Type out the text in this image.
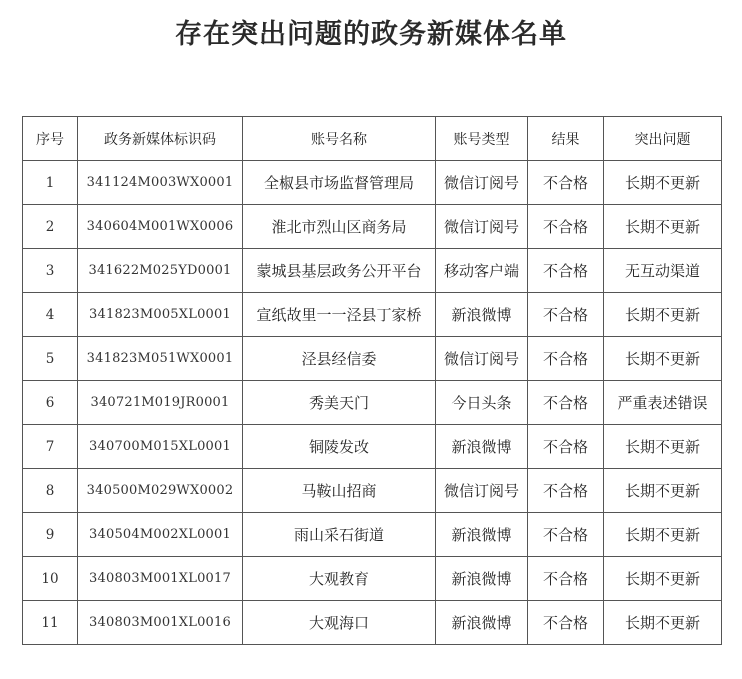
存在突出问题的政务新媒体名单
序号	政务新媒体标识码	账号名称	账号类型	结果	突出问题
1	341124M003WX0001	全椒县市场监督管理局	微信订阅号	不合格	长期不更新
2	340604M001WX0006	淮北市烈山区商务局	微信订阅号	不合格	长期不更新
3	341622M025YD0001	蒙城县基层政务公开平台	移动客户端	不合格	无互动渠道
4	341823M005XL0001	宣纸故里一一泾县丁家桥	新浪微博	不合格	长期不更新
5	341823M051WX0001	泾县经信委	微信订阅号	不合格	长期不更新
6	340721M019JR0001	秀美天门	今日头条	不合格	严重表述错误
7	340700M015XL0001	铜陵发改	新浪微博	不合格	长期不更新
8	340500M029WX0002	马鞍山招商	微信订阅号	不合格	长期不更新
9	340504M002XL0001	雨山采石街道	新浪微博	不合格	长期不更新
10	340803M001XL0017	大观教育	新浪微博	不合格	长期不更新
11	340803M001XL0016	大观海口	新浪微博	不合格	长期不更新
